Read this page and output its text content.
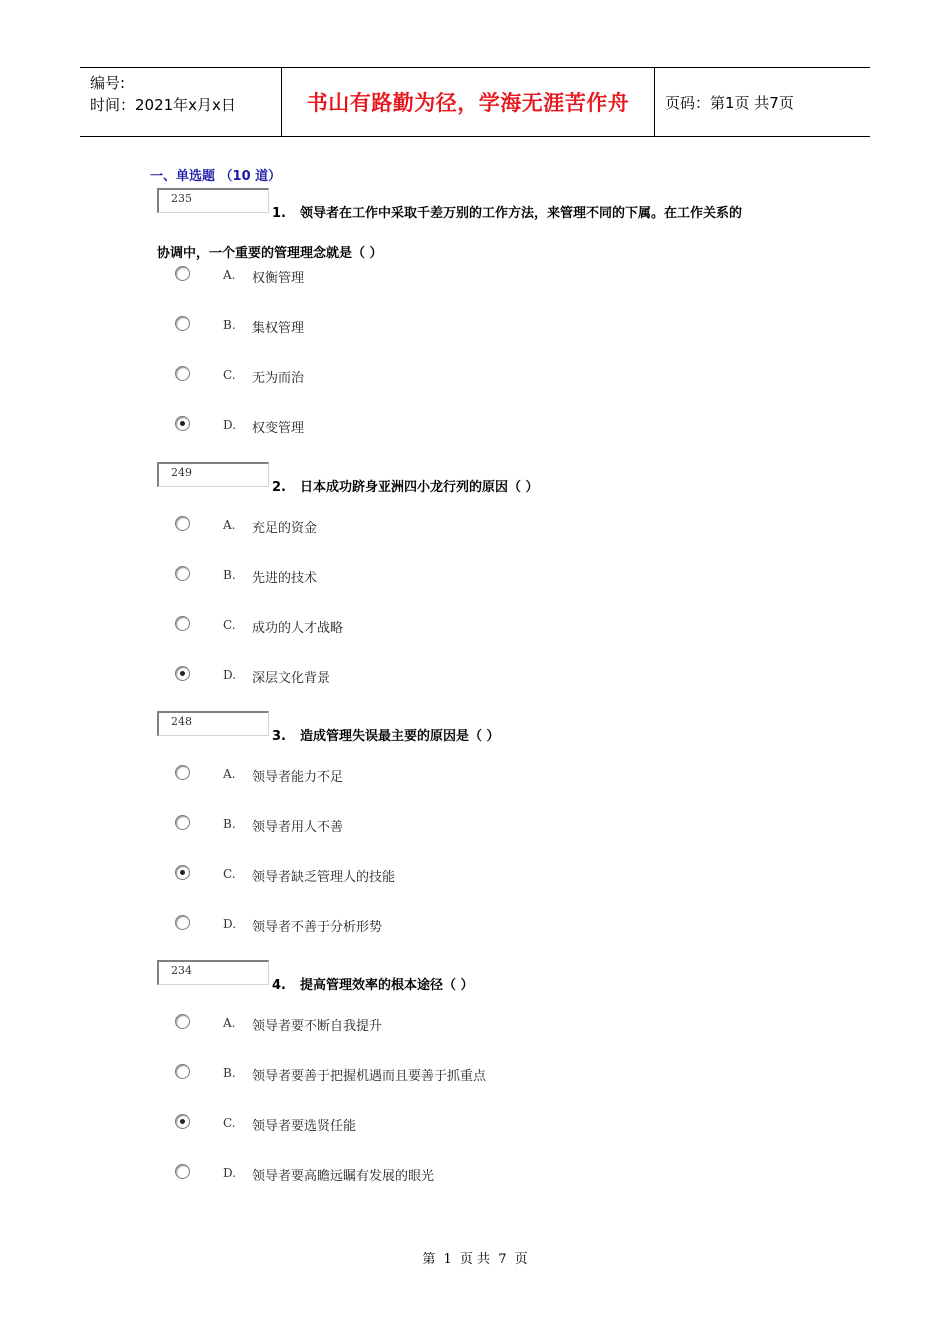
编号:
时间：2021年x月x日	书山有路勤为径，学海无涯苦作舟 页码：第1页 共7页
一、单选题 （10 道）
235
1. 领导者在工作中采取千差万别的工作方法，来管理不同的下属。在工作关系的
协调中，一个重要的管理理念就是（ ）
A. 权衡管理
B. 集权管理
C. 无为而治
D. 权变管理
249
2. 日本成功跻身亚洲四小龙行列的原因（ ）
A. 充足的资金
B. 先进的技术
C. 成功的人才战略
D. 深层文化背景
248
3. 造成管理失误最主要的原因是（ ）
A. 领导者能力不足
B. 领导者用人不善
C. 领导者缺乏管理人的技能
D. 领导者不善于分析形势
234
4. 提高管理效率的根本途径（ ）
A. 领导者要不断自我提升
B. 领导者要善于把握机遇而且要善于抓重点
C. 领导者要选贤任能
D. 领导者要高瞻远瞩有发展的眼光
第 1 页 共 7 页
